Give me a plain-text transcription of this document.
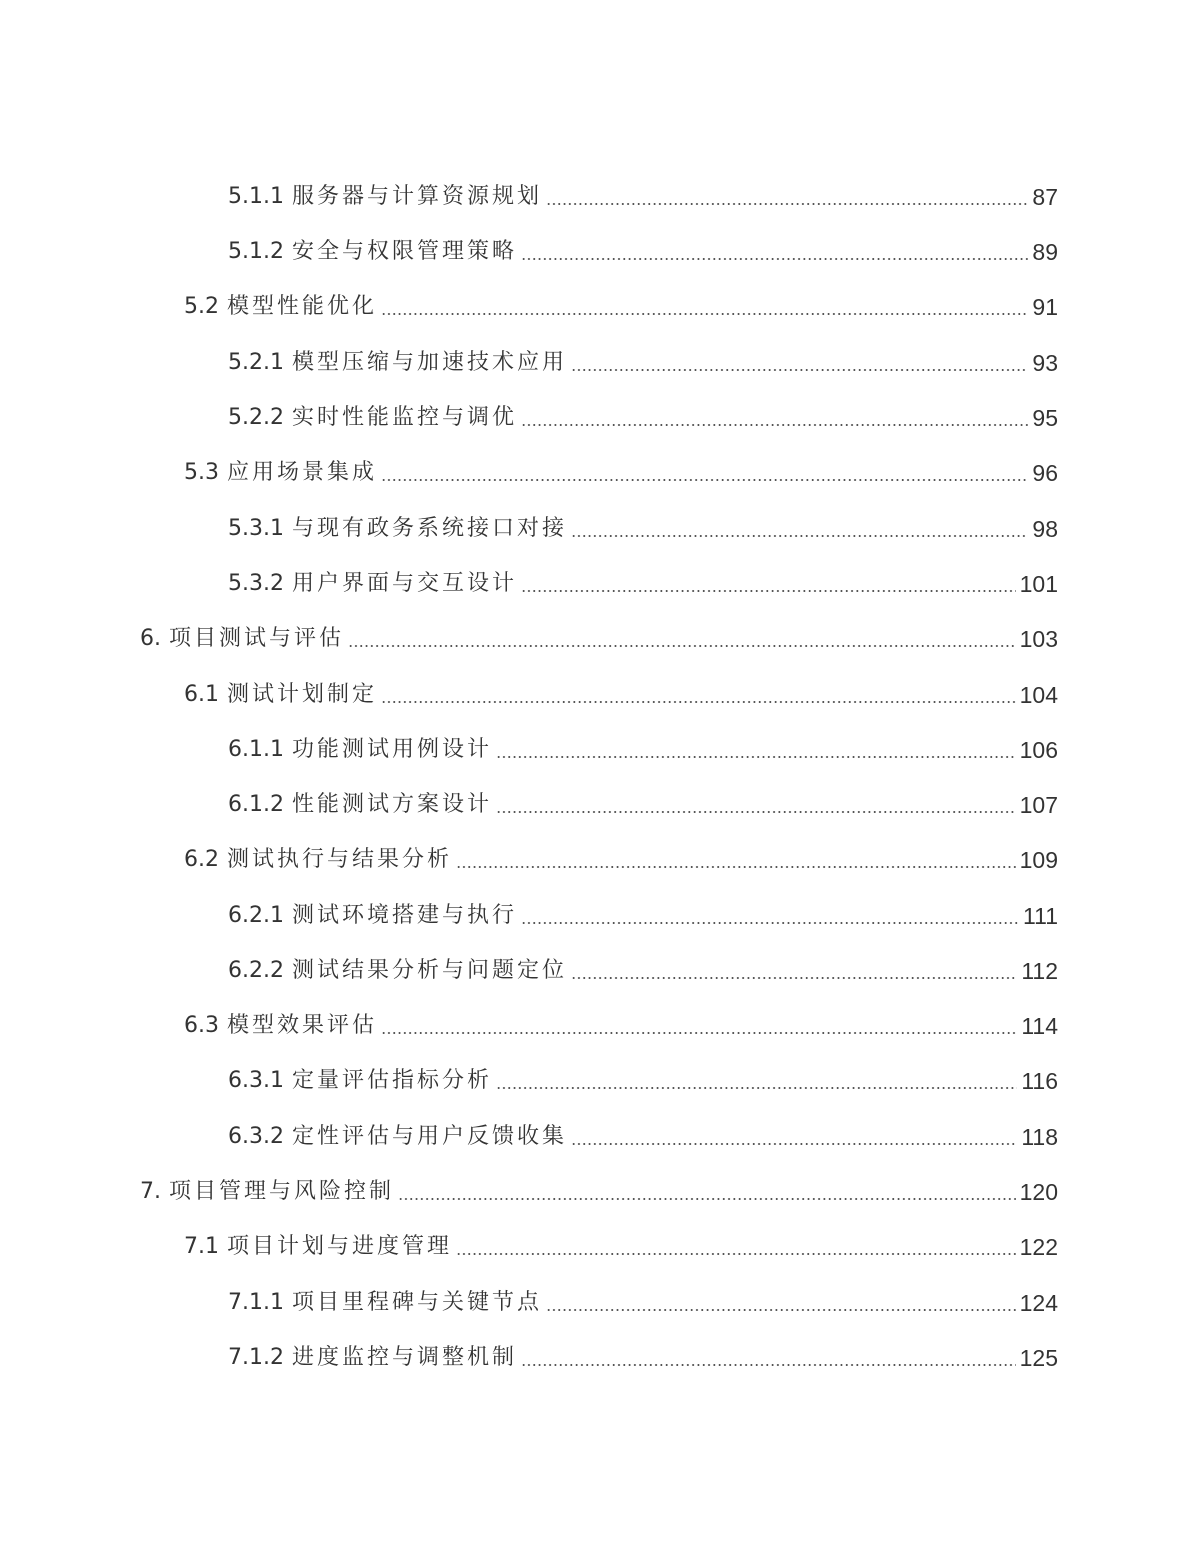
5.1.1 服务器与计算资源规划	87
5.1.2 安全与权限管理策略	89
5.2 模型性能优化	91
5.2.1 模型压缩与加速技术应用	93
5.2.2 实时性能监控与调优	95
5.3 应用场景集成	96
5.3.1 与现有政务系统接口对接	98
5.3.2 用户界面与交互设计	101
6. 项目测试与评估	103
6.1 测试计划制定	104
6.1.1 功能测试用例设计	106
6.1.2 性能测试方案设计	107
6.2 测试执行与结果分析	109
6.2.1 测试环境搭建与执行	111
6.2.2 测试结果分析与问题定位	112
6.3 模型效果评估	114
6.3.1 定量评估指标分析	116
6.3.2 定性评估与用户反馈收集	118
7. 项目管理与风险控制	120
7.1 项目计划与进度管理	122
7.1.1 项目里程碑与关键节点	124
7.1.2 进度监控与调整机制	125
